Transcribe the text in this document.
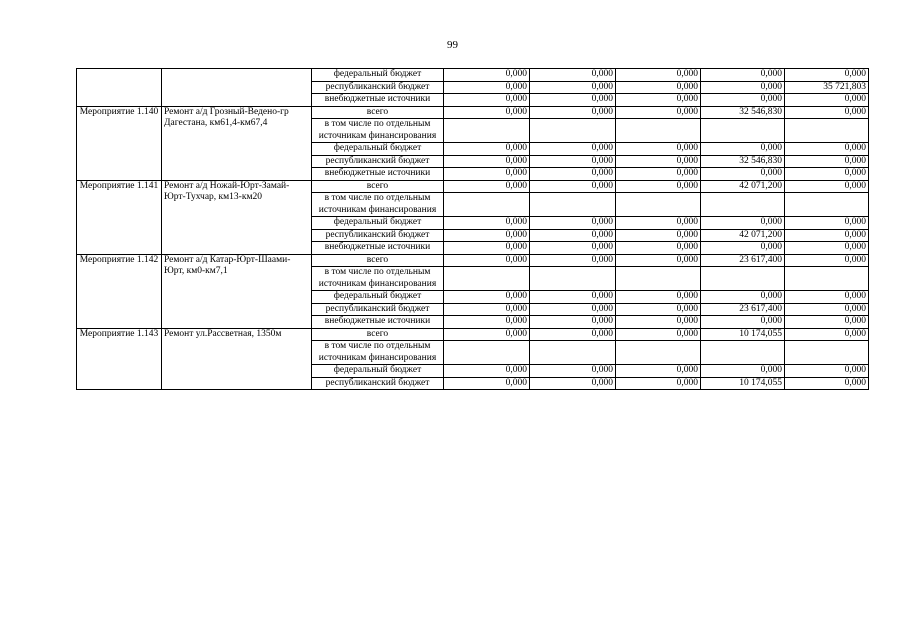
99
		федеральный бюджет	0,000	0,000	0,000	0,000	0,000
		республиканский бюджет	0,000	0,000	0,000	0,000	35 721,803
		внебюджетные источники	0,000	0,000	0,000	0,000	0,000
Мероприятие 1.140	Ремонт а/д Грозный-Ведено-гр Дагестана, км61,4-км67,4	всего	0,000	0,000	0,000	32 546,830	0,000
		в том числе по отдельным источникам финансирования					
		федеральный бюджет	0,000	0,000	0,000	0,000	0,000
		республиканский бюджет	0,000	0,000	0,000	32 546,830	0,000
		внебюджетные источники	0,000	0,000	0,000	0,000	0,000
Мероприятие 1.141	Ремонт а/д Ножай-Юрт-Замай-Юрт-Тухчар, км13-км20	всего	0,000	0,000	0,000	42 071,200	0,000
		в том числе по отдельным источникам финансирования					
		федеральный бюджет	0,000	0,000	0,000	0,000	0,000
		республиканский бюджет	0,000	0,000	0,000	42 071,200	0,000
		внебюджетные источники	0,000	0,000	0,000	0,000	0,000
Мероприятие 1.142	Ремонт а/д Катар-Юрт-Шаами-Юрт, км0-км7,1	всего	0,000	0,000	0,000	23 617,400	0,000
		в том числе по отдельным источникам финансирования					
		федеральный бюджет	0,000	0,000	0,000	0,000	0,000
		республиканский бюджет	0,000	0,000	0,000	23 617,400	0,000
		внебюджетные источники	0,000	0,000	0,000	0,000	0,000
Мероприятие 1.143	Ремонт ул.Рассветная, 1350м	всего	0,000	0,000	0,000	10 174,055	0,000
		в том числе по отдельным источникам финансирования					
		федеральный бюджет	0,000	0,000	0,000	0,000	0,000
		республиканский бюджет	0,000	0,000	0,000	10 174,055	0,000
